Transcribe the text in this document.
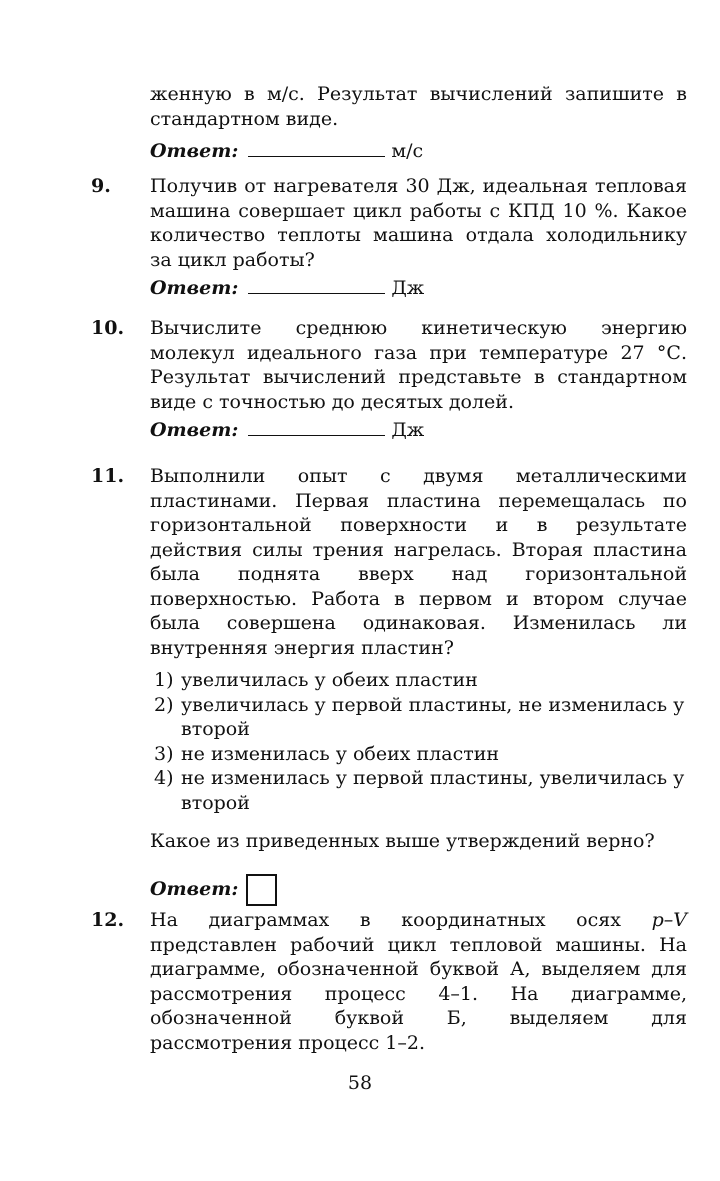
женную в м/с. Результат вычислений запишите в стандартном виде.

Ответ:	м/с

9. Получив от нагревателя 30 Дж, идеальная тепловая машина совершает цикл работы с КПД 10 %. Какое количество теплоты машина отдала холодильнику за цикл работы?

Ответ:	Дж

10. Вычислите среднюю кинетическую энергию молекул идеального газа при температуре 27 °С. Результат вычислений представьте в стандартном виде с точностью до десятых долей.

Ответ:	Дж

11. Выполнили опыт с двумя металлическими пластинами. Первая пластина перемещалась по горизонтальной поверхности и в результате действия силы трения нагрелась. Вторая пластина была поднята вверх над горизонтальной поверхностью. Работа в первом и втором случае была совершена одинаковая. Изменилась ли внутренняя энергия пластин?

1) увеличилась у обеих пластин
2) увеличилась у первой пластины, не изменилась у второй
3) не изменилась у обеих пластин
4) не изменилась у первой пластины, увеличилась у второй

Какое из приведенных выше утверждений верно?

Ответ:

12. На диаграммах в координатных осях p–V представлен рабочий цикл тепловой машины. На диаграмме, обозначенной буквой А, выделяем для рассмотрения процесс 4–1. На диаграмме, обозначенной буквой Б, выделяем для рассмотрения процесс 1–2.

58
